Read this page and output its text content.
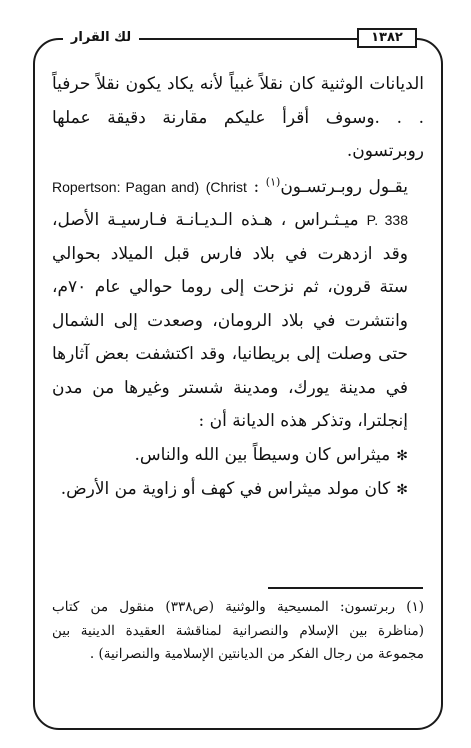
لك القرار	١٣٨٢

الديانات الوثنية كان نقلاً غبياً لأنه يكاد يكون نقلاً حرفياً . . .وسوف أقرأ عليكم مقارنة دقيقة عملها روبرتسون.

يقـول روبـرتسـون$^{(١)}$ : Ropertson: Pagan and) (Christ P. 338 ميـثـراس ، هـذه الـديـانـة فـارسيـة الأصل، وقد ازدهرت في بلاد فارس قبل الميلاد بحوالي ستة قرون، ثم نزحت إلى روما حوالي عام ٧٠م، وانتشرت في بلاد الرومان، وصعدت إلى الشمال حتى وصلت إلى بريطانيا، وقد اكتشفت بعض آثارها في مدينة يورك، ومدينة شستر وغيرها من مدن إنجلترا، وتذكر هذه الديانة أن :

✻ميثراس كان وسيطاً بين الله والناس.

✻كان مولد ميثراس في كهف أو زاوية من الأرض.

(١) ربرتسون: المسيحية والوثنية (ص٣٣٨) منقول من كتاب (مناظرة بين الإسلام والنصرانية لمناقشة العقيدة الدينية بين مجموعة من رجال الفكر من الديانتين الإسلامية والنصرانية) .
